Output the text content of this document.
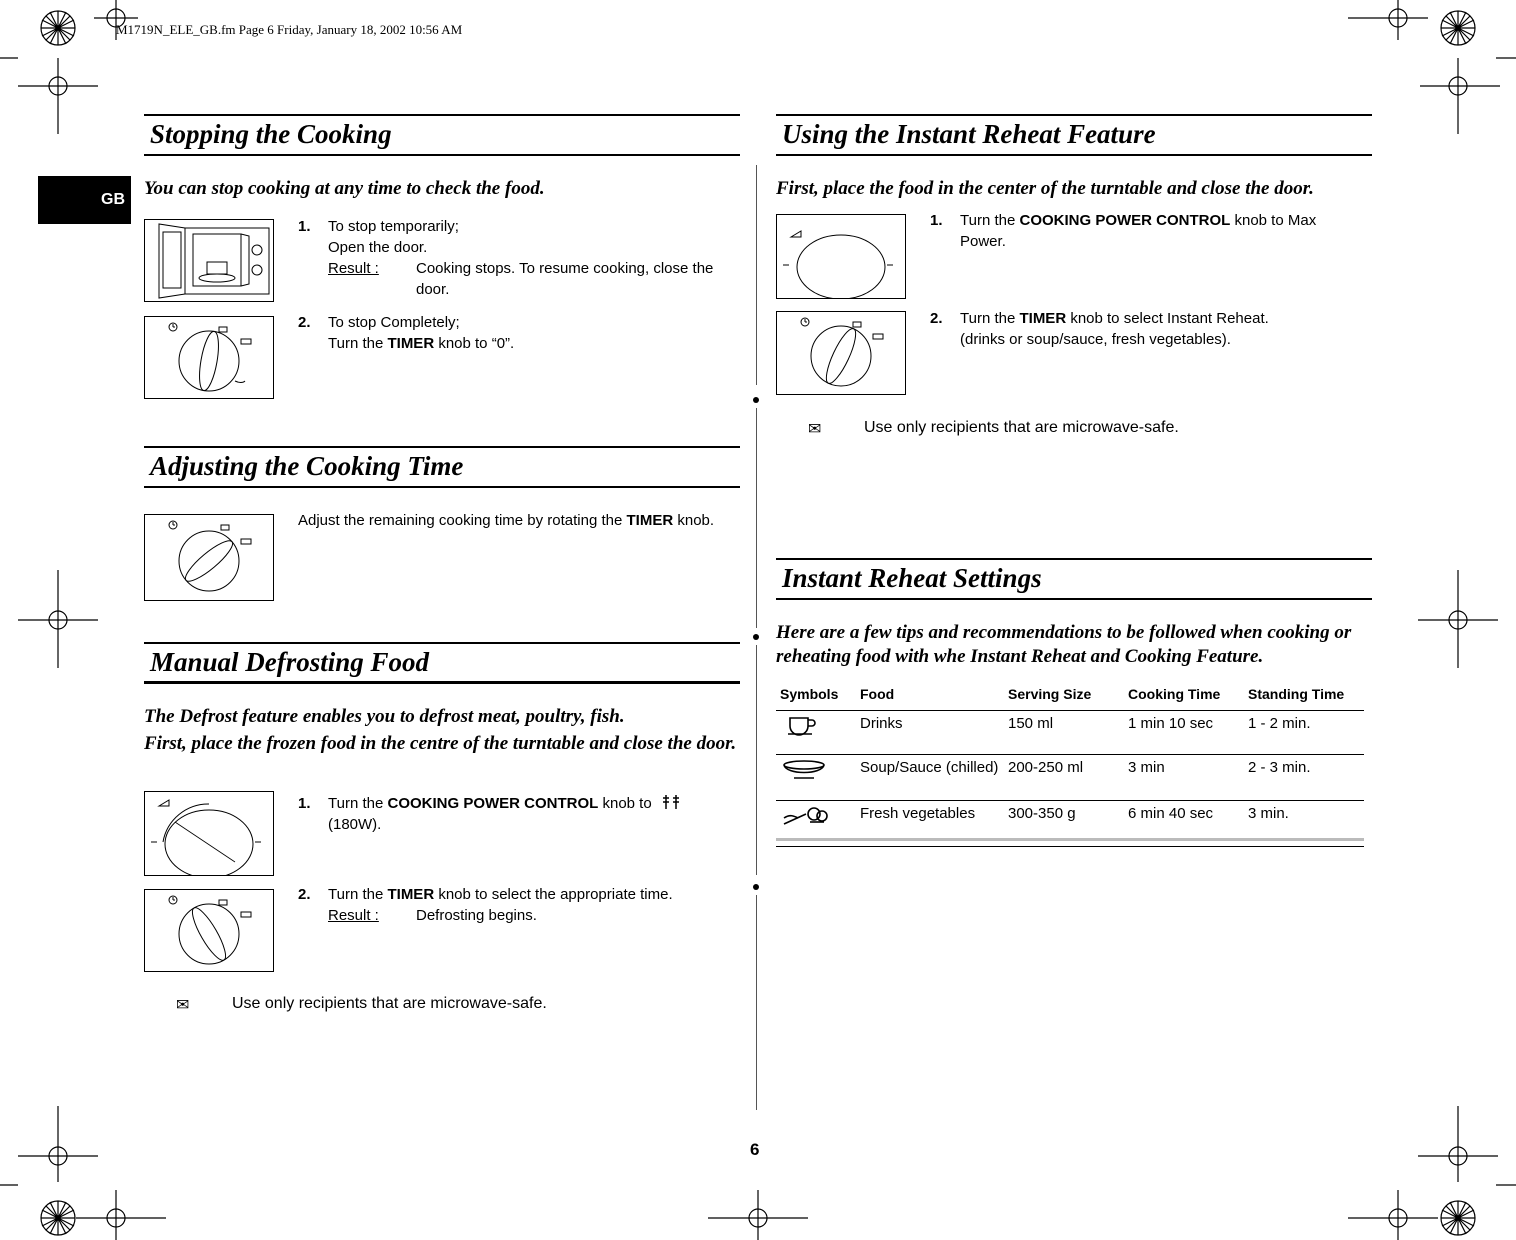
M1719N_ELE_GB.fm Page 6 Friday, January 18, 2002 10:56 AM
GB
Stopping the Cooking
You can stop cooking at any time to check the food.
1.	To stop temporarily;
Open the door.
Result :	Cooking stops. To resume cooking, close the door.
2.	To stop Completely;
Turn the TIMER knob to “0”.
Adjusting the Cooking Time
Adjust the remaining cooking time by rotating the TIMER knob.
Manual Defrosting Food
The Defrost feature enables you to defrost meat, poultry, fish.
First, place the frozen food in the centre of the turntable and close the door.
1.	Turn the COOKING POWER CONTROL knob to
(180W).
2.	Turn the TIMER knob to select the appropriate time.
Result :	Defrosting begins.
✉	Use only recipients that are microwave-safe.
Using the Instant Reheat Feature
First, place the food in the center of the turntable and close the door.
1.	Turn the COOKING POWER CONTROL knob to Max Power.
2.	Turn the TIMER knob to select Instant Reheat.
(drinks or soup/sauce, fresh vegetables).
✉	Use only recipients that are microwave-safe.
Instant Reheat Settings
Here are a few tips and recommendations to be followed when cooking or reheating food with whe Instant Reheat and Cooking Feature.
Symbols	Food	Serving Size	Cooking Time	Standing Time
	Drinks	150 ml	1 min 10 sec	1 - 2 min.
	Soup/Sauce (chilled)	200-250 ml	3 min	2 - 3 min.
	Fresh vegetables	300-350 g	6 min 40 sec	3 min.
6
